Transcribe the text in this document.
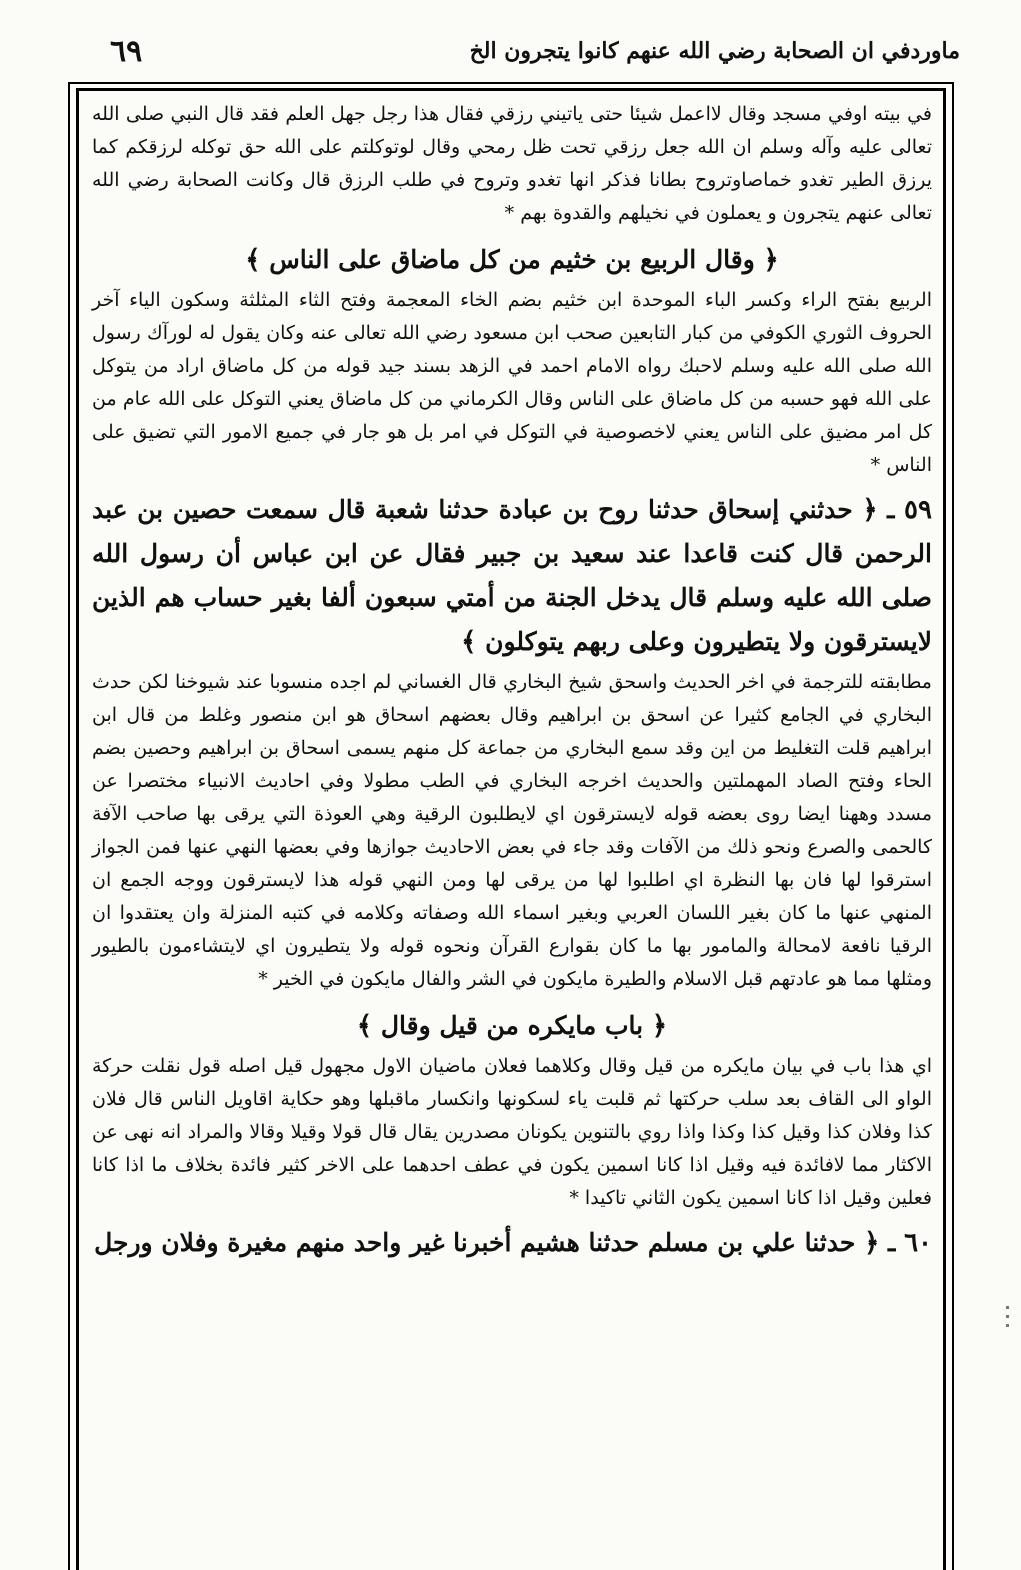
٦٩	ماوردفي ان الصحابة رضي الله عنهم كانوا يتجرون الخ

في بيته اوفي مسجد وقال لااعمل شيئا حتى ياتيني رزقي فقال هذا رجل جهل العلم فقد قال النبي صلى الله تعالى عليه وآله وسلم ان الله جعل رزقي تحت ظل رمحي وقال لوتوكلتم على الله حق توكله لرزقكم كما يرزق الطير تغدو خماصاوتروح بطانا فذكر انها تغدو وتروح في طلب الرزق قال وكانت الصحابة رضي الله تعالى عنهم يتجرون و يعملون في نخيلهم والقدوة بهم *

﴿ وقال الربيع بن خثيم من كل ماضاق على الناس ﴾

الربيع بفتح الراء وكسر الباء الموحدة ابن خثيم بضم الخاء المعجمة وفتح الثاء المثلثة وسكون الياء آخر الحروف الثوري الكوفي من كبار التابعين صحب ابن مسعود رضي الله تعالى عنه وكان يقول له لورآك رسول الله صلى الله عليه وسلم لاحبك رواه الامام احمد في الزهد بسند جيد قوله من كل ماضاق اراد من يتوكل على الله فهو حسبه من كل ماضاق على الناس وقال الكرماني من كل ماضاق يعني التوكل على الله عام من كل امر مضيق على الناس يعني لاخصوصية في التوكل في امر بل هو جار في جميع الامور التي تضيق على الناس *

٥٩ ـ ﴿ حدثني إسحاق حدثنا روح بن عبادة حدثنا شعبة قال سمعت حصين بن عبد الرحمن قال كنت قاعدا عند سعيد بن جبير فقال عن ابن عباس أن رسول الله صلى الله عليه وسلم قال يدخل الجنة من أمتي سبعون ألفا بغير حساب هم الذين لايسترقون ولا يتطيرون وعلى ربهم يتوكلون ﴾

مطابقته للترجمة في اخر الحديث واسحق شيخ البخاري قال الغساني لم اجده منسوبا عند شيوخنا لكن حدث البخاري في الجامع كثيرا عن اسحق بن ابراهيم وقال بعضهم اسحاق هو ابن منصور وغلط من قال ابن ابراهيم قلت التغليط من اين وقد سمع البخاري من جماعة كل منهم يسمى اسحاق بن ابراهيم وحصين بضم الحاء وفتح الصاد المهملتين والحديث اخرجه البخاري في الطب مطولا وفي احاديث الانبياء مختصرا عن مسدد وههنا ايضا روى بعضه قوله لايسترقون اي لايطلبون الرقية وهي العوذة التي يرقى بها صاحب الآفة كالحمى والصرع ونحو ذلك من الآفات وقد جاء في بعض الاحاديث جوازها وفي بعضها النهي عنها فمن الجواز استرقوا لها فان بها النظرة اي اطلبوا لها من يرقى لها ومن النهي قوله هذا لايسترقون ووجه الجمع ان المنهي عنها ما كان بغير اللسان العربي وبغير اسماء الله وصفاته وكلامه في كتبه المنزلة وان يعتقدوا ان الرقيا نافعة لامحالة والمامور بها ما كان بقوارع القرآن ونحوه قوله ولا يتطيرون اي لايتشاءمون بالطيور ومثلها مما هو عادتهم قبل الاسلام والطيرة مايكون في الشر والفال مايكون في الخير *

﴿ باب مايكره من قيل وقال ﴾

اي هذا باب في بيان مايكره من قيل وقال وكلاهما فعلان ماضيان الاول مجهول قيل اصله قول نقلت حركة الواو الى القاف بعد سلب حركتها ثم قلبت ياء لسكونها وانكسار ماقبلها وهو حكاية اقاويل الناس قال فلان كذا وفلان كذا وقيل كذا وكذا واذا روي بالتنوين يكونان مصدرين يقال قال قولا وقيلا وقالا والمراد انه نهى عن الاكثار مما لافائدة فيه وقيل اذا كانا اسمين يكون في عطف احدهما على الاخر كثير فائدة بخلاف ما اذا كانا فعلين وقيل اذا كانا اسمين يكون الثاني تاكيدا *

٦٠ ـ ﴿ حدثنا علي بن مسلم حدثنا هشيم أخبرنا غير واحد منهم مغيرة وفلان ورجل
